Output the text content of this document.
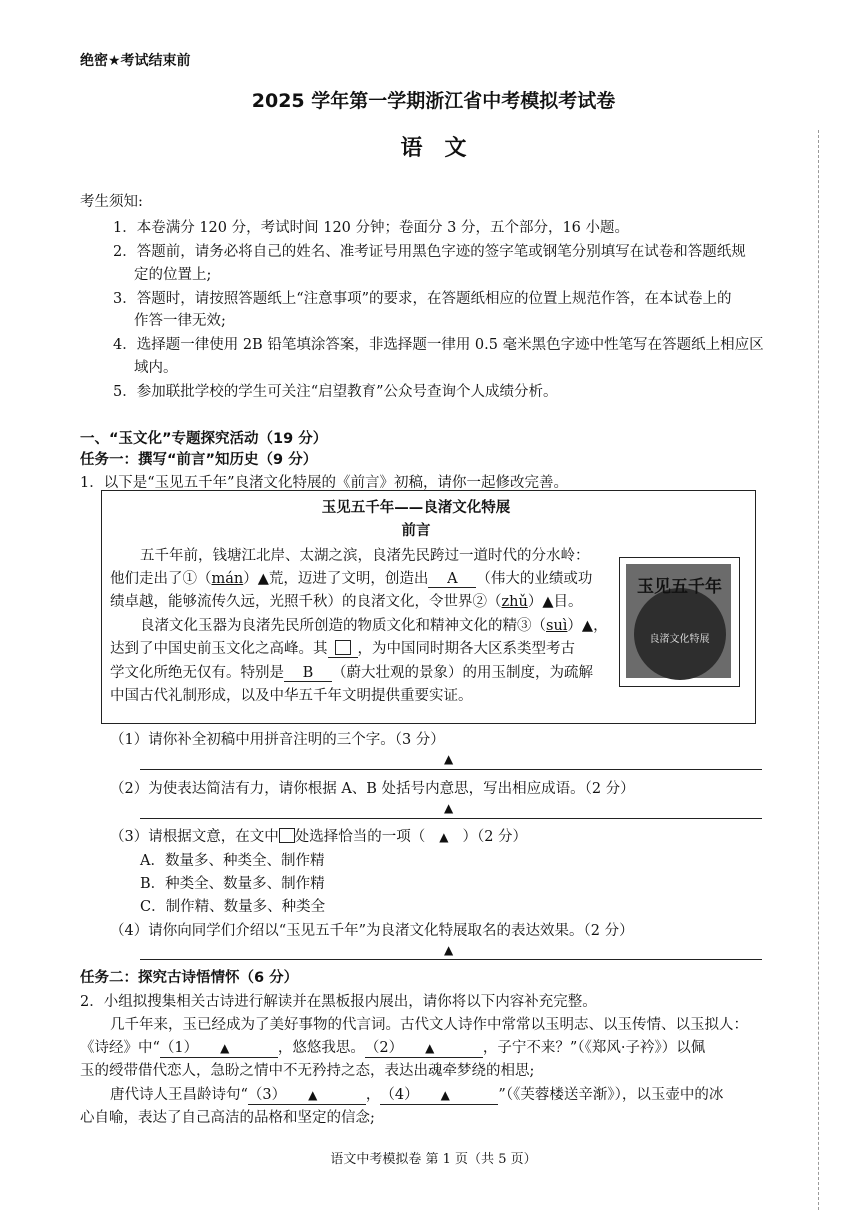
绝密★考试结束前
2025 学年第一学期浙江省中考模拟考试卷
语　文
考生须知:
1．本卷满分 120 分，考试时间 120 分钟；卷面分 3 分，五个部分，16 小题。
2．答题前，请务必将自己的姓名、准考证号用黑色字迹的签字笔或钢笔分别填写在试卷和答题纸规
定的位置上;
3．答题时，请按照答题纸上“注意事项”的要求，在答题纸相应的位置上规范作答，在本试卷上的
作答一律无效;
4．选择题一律使用 2B 铅笔填涂答案，非选择题一律用 0.5 毫米黑色字迹中性笔写在答题纸上相应区
域内。
5．参加联批学校的学生可关注“启望教育”公众号查询个人成绩分析。
一、“玉文化”专题探究活动（19 分）
任务一：撰写“前言”知历史（9 分）
1．以下是“玉见五千年”良渚文化特展的《前言》初稿，请你一起修改完善。
玉见五千年——良渚文化特展
前言
五千年前，钱塘江北岸、太湖之滨，良渚先民跨过一道时代的分水岭：
他们走出了①（mán）▲荒，迈进了文明，创造出 A （伟大的业绩或功
绩卓越，能够流传久远，光照千秋）的良渚文化，令世界②（zhǔ）▲目。
良渚文化玉器为良渚先民所创造的物质文化和精神文化的精③（suì）▲，
达到了中国史前玉文化之高峰。其 ，为中国同时期各大区系类型考古
学文化所绝无仅有。特别是 B （蔚大壮观的景象）的用玉制度，为疏解
中国古代礼制形成，以及中华五千年文明提供重要实证。
玉见五千年
良渚文化特展
（1）请你补全初稿中用拼音注明的三个字。（3 分）
▲
（2）为使表达简洁有力，请你根据 A、B 处括号内意思，写出相应成语。（2 分）
▲
（3）请根据文意，在文中 处选择恰当的一项（ ▲ ）（2 分）
A．数量多、种类全、制作精
B．种类全、数量多、制作精
C．制作精、数量多、种类全
（4）请你向同学们介绍以“玉见五千年”为良渚文化特展取名的表达效果。（2 分）
▲
任务二：探究古诗悟情怀（6 分）
2．小组拟搜集相关古诗进行解读并在黑板报内展出，请你将以下内容补充完整。
几千年来，玉已经成为了美好事物的代言词。古代文人诗作中常常以玉明志、以玉传情、以玉拟人：
《诗经》中“（1） ▲	，悠悠我思。（2） ▲	，子宁不来？”（《郑风·子衿》）以佩
玉的绶带借代恋人，急盼之情中不无矜持之态，表达出魂牵梦绕的相思;
唐代诗人王昌龄诗句“（3） ▲	，（4） ▲	”（《芙蓉楼送辛渐》），以玉壶中的冰
心自喻，表达了自己高洁的品格和坚定的信念;
语文中考模拟卷 第 1 页（共 5 页）
